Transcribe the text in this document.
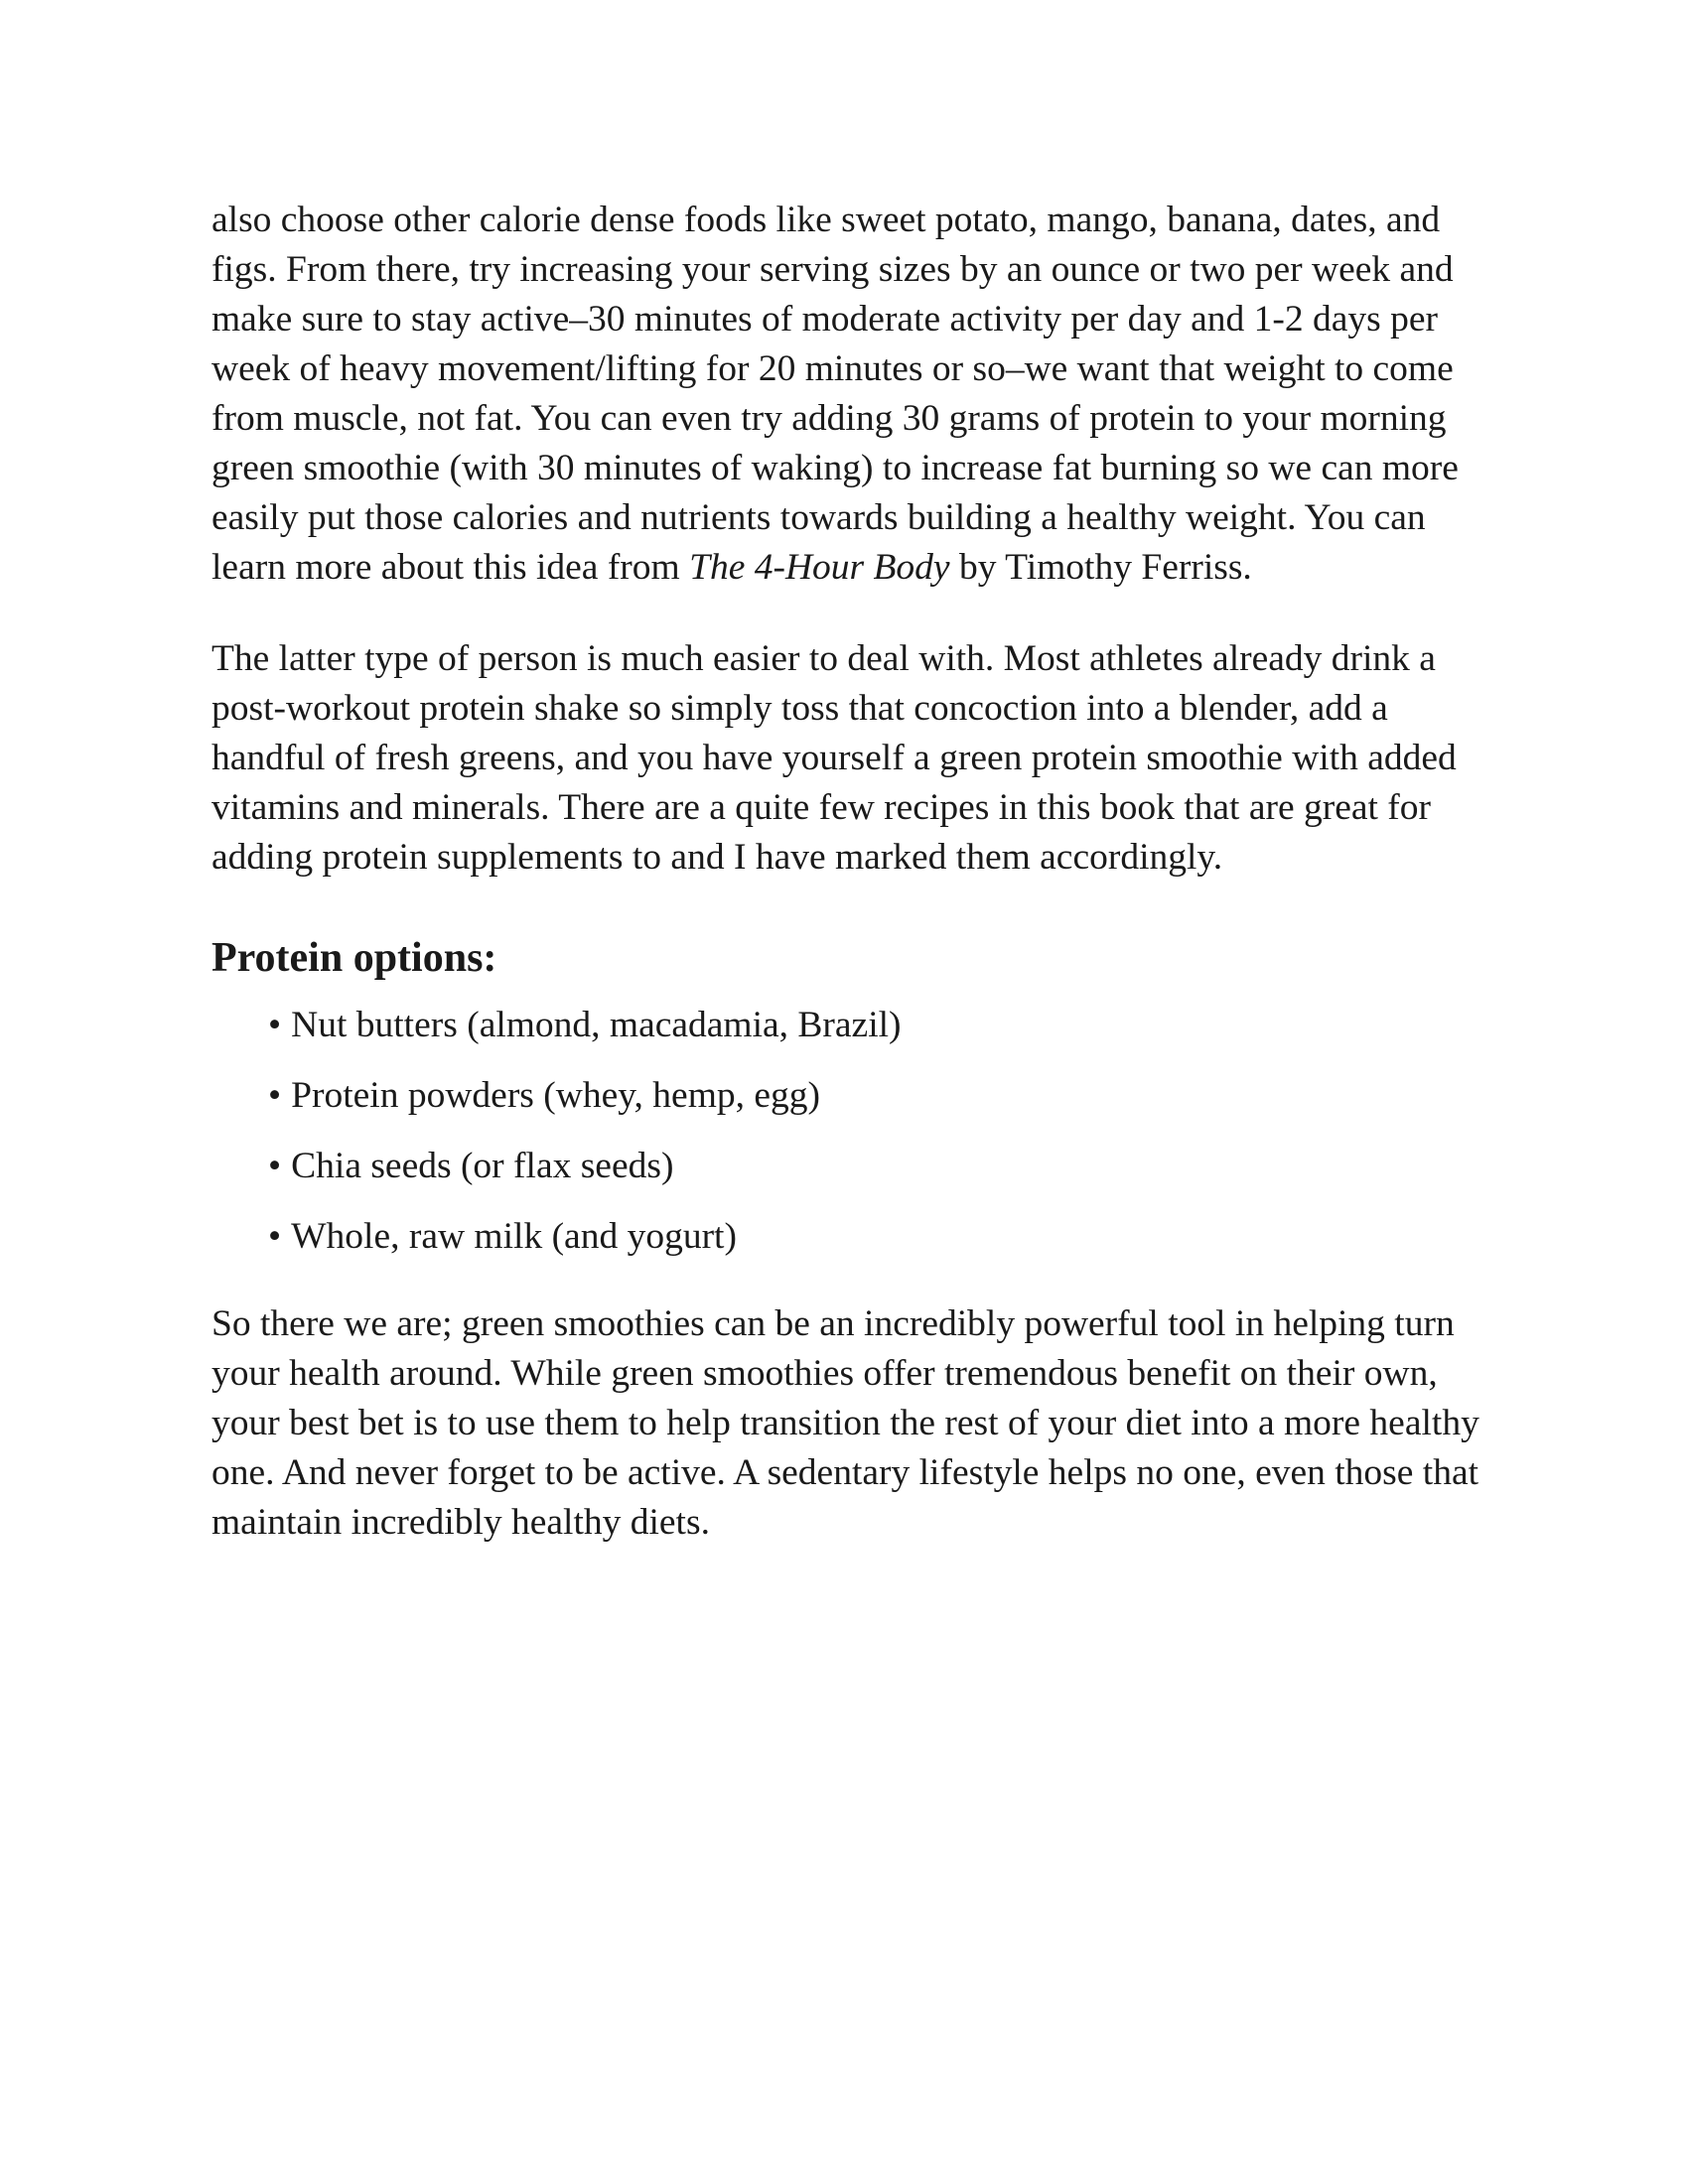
also choose other calorie dense foods like sweet potato, mango, banana, dates, and figs. From there, try increasing your serving sizes by an ounce or two per week and make sure to stay active–30 minutes of moderate activity per day and 1-2 days per week of heavy movement/lifting for 20 minutes or so–we want that weight to come from muscle, not fat. You can even try adding 30 grams of protein to your morning green smoothie (with 30 minutes of waking) to increase fat burning so we can more easily put those calories and nutrients towards building a healthy weight. You can learn more about this idea from The 4-Hour Body by Timothy Ferriss.

The latter type of person is much easier to deal with. Most athletes already drink a post-workout protein shake so simply toss that concoction into a blender, add a handful of fresh greens, and you have yourself a green protein smoothie with added vitamins and minerals. There are a quite few recipes in this book that are great for adding protein supplements to and I have marked them accordingly.

Protein options:
• Nut butters (almond, macadamia, Brazil)
• Protein powders (whey, hemp, egg)
• Chia seeds (or flax seeds)
• Whole, raw milk (and yogurt)

So there we are; green smoothies can be an incredibly powerful tool in helping turn your health around. While green smoothies offer tremendous benefit on their own, your best bet is to use them to help transition the rest of your diet into a more healthy one. And never forget to be active. A sedentary lifestyle helps no one, even those that maintain incredibly healthy diets.
